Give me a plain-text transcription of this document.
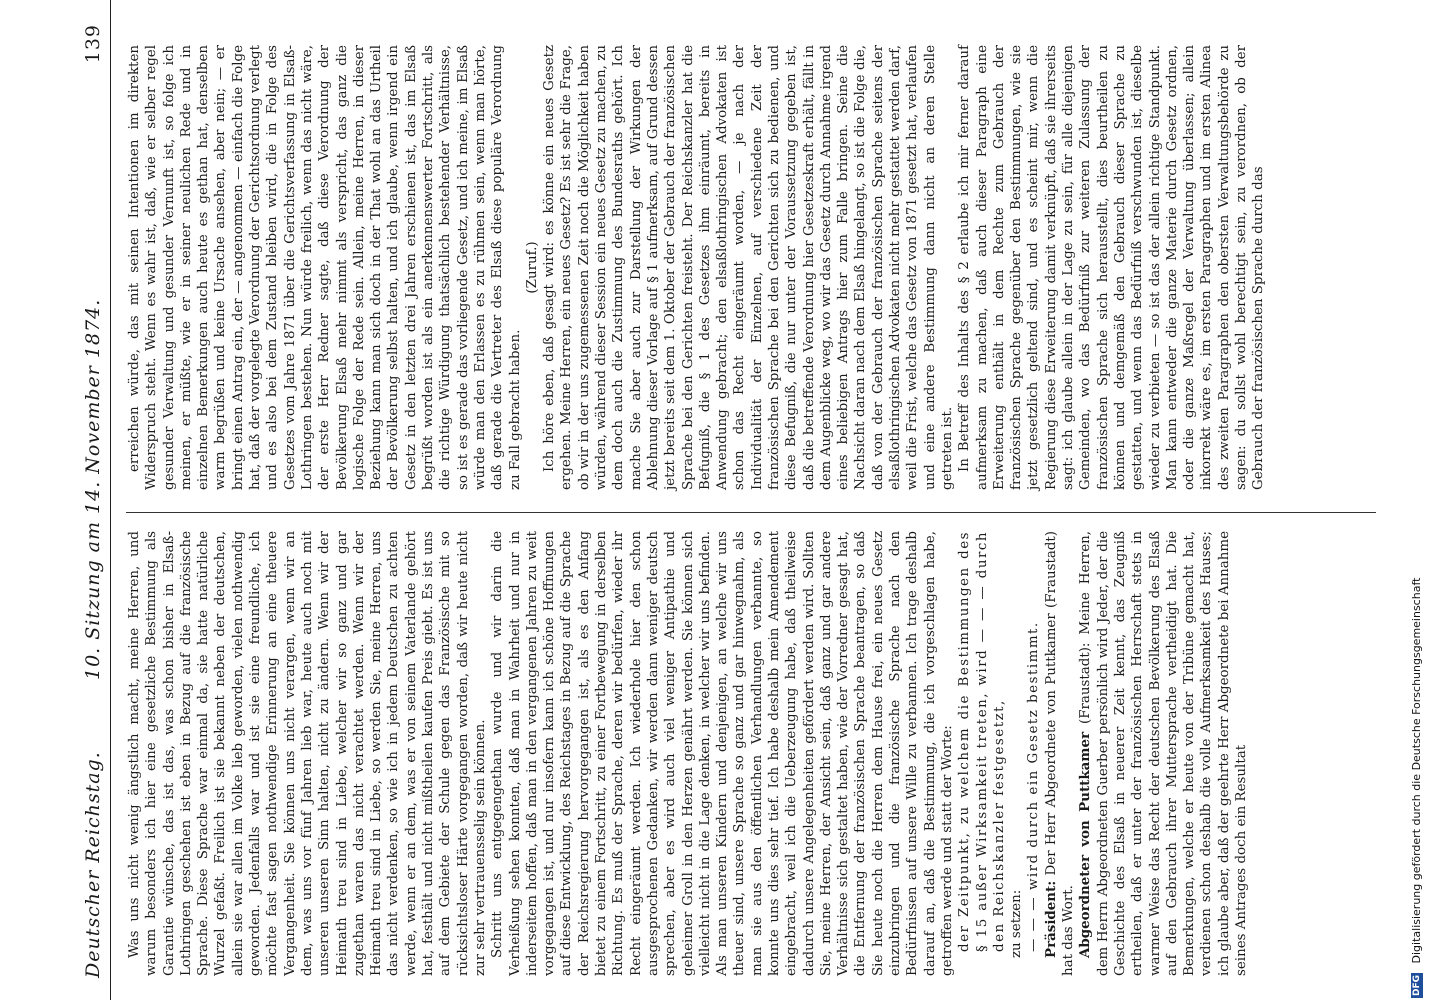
Deutscher Reichstag.
10. Sitzung am 14. November 1874.
139

Was uns nicht wenig ängstlich macht, meine Herren, und warum besonders ich hier eine gesetzliche Bestimmung als Garantie wünsche, das ist das, was schon bisher in Elsaß-Lothringen geschehen ist eben in Bezug auf die französische Sprache. Diese Sprache war einmal da, sie hatte natürliche Wurzel gefaßt. Freilich ist sie bekannt neben der deutschen, allein sie war allen im Volke lieb geworden, vielen nothwendig geworden. Jedenfalls war und ist sie eine freundliche, ich möchte fast sagen nothwendige Erinnerung an eine theuere Vergangenheit. Sie können uns nicht verargen, wenn wir an dem, was uns vor fünf Jahren lieb war, heute auch noch mit unseren unseren Sinn halten, nicht zu ändern. Wenn wir der Heimath treu sind in Liebe, welcher wir so ganz und gar zugethan waren das nicht verachtet werden. Wenn wir der Heimath treu sind in Liebe, so werden Sie, meine Herren, uns das nicht verdenken, so wie ich in jedem Deutschen zu achten werde, wenn er an dem, was er von seinem Vaterlande gehört hat, festhält und nicht mißtheilen kaufen Preis giebt. Es ist uns auf dem Gebiete der Schule gegen das Französische mit so rücksichtsloser Härte vorgegangen worden, daß wir heute nicht zur sehr vertrauensselig sein können. Schritt uns entgegengethan wurde und wir darin die Verheißung sehen konnten, daß man in Wahrheit und nur in inderseitem hoffen, daß man in den vergangenen Jahren zu weit vorgegangen ist, und nur insofern kann ich schöne Hoffnungen auf diese Entwicklung, des Reichstages in Bezug auf die Sprache der Reichsregierung hervorgegangen ist, als es den Anfang bietet zu einem Fortschritt, zu einer Fortbewegung in derselben Richtung. Es muß der Sprache, deren wir bedürfen, wieder ihr Recht eingeräumt werden. Ich wiederhole hier den schon ausgesprochenen Gedanken, wir werden dann weniger deutsch sprechen, aber es wird auch viel weniger Antipathie und geheimer Groll in den Herzen genährt werden. Sie können sich vielleicht nicht in die Lage denken, in welcher wir uns befinden. Als man unseren Kindern und denjenigen, an welche wir uns theuer sind, unsere Sprache so ganz und gar hinwegnahm, als man sie aus den öffentlichen Verhandlungen verbannte, so konnte uns dies sehr tief. Ich habe deshalb mein Amendement eingebracht, weil ich die Ueberzeugung habe, daß theilweise dadurch unsere Angelegenheiten gefördert werden wird. Sollten Sie, meine Herren, der Ansicht sein, daß ganz und gar andere Verhältnisse sich gestaltet haben, wie der Vorredner gesagt hat, die Entfernung der französischen Sprache beantragen, so daß Sie heute noch die Herren dem Hause frei, ein neues Gesetz einzubringen und die französische Sprache nach den Bedürfnissen auf unsere Wille zu verbannen. Ich trage deshalb darauf an, daß die Bestimmung, die ich vorgeschlagen habe, getroffen werde und statt der Worte: der Zeitpunkt, zu welchem die Bestimmungen des § 15 außer Wirksamkeit treten, wird — — — durch den Reichskanzler festgesetzt, zu setzen: — — — wird durch ein Gesetz bestimmt. Präsident: Der Herr Abgeordnete von Puttkamer (Fraustadt) hat das Wort. Abgeordneter von Puttkamer (Fraustadt): Meine Herren, dem Herrn Abgeordneten Guerber persönlich wird Jeder, der die Geschichte des Elsaß in neuerer Zeit kennt, das Zeugniß ertheilen, daß er unter der französischen Herrschaft stets in warmer Weise das Recht der deutschen Bevölkerung des Elsaß auf den Gebrauch ihrer Muttersprache vertheidigt hat. Die Bemerkungen, welche er heute von der Tribüne gemacht hat, verdienen schon deshalb die volle Aufmerksamkeit des Hauses; ich glaube aber, daß der geehrte Herr Abgeordnete bei Annahme seines Antrages doch ein Resultat

erreichen würde, das mit seinen Intentionen im direkten Widerspruch steht. Wenn es wahr ist, daß, wie er selber regel gesunder Verwaltung und gesunder Vernunft ist, so folge ich meinen, er müßte, wie er in seiner neulichen Rede und in einzelnen Bemerkungen auch heute es gethan hat, denselben warm begrüßen und keine Ursache ansehen, aber nein; — er bringt einen Antrag ein, der — angenommen — einfach die Folge hat, daß der vorgelegte Verordnung der Gerichtsordnung verlegt und es also bei dem Zustand bleiben wird, die in Folge des Gesetzes vom Jahre 1871 über die Gerichtsverfassung in Elsaß-Lothringen bestehen. Nun würde freilich, wenn das nicht wäre, der erste Herr Redner sagte, daß diese Verordnung der Bevölkerung Elsaß mehr nimmt als verspricht, das ganz die logische Folge der Rede sein. Allein, meine Herren, in dieser Beziehung kann man sich doch in der That wohl an das Urtheil der Bevölkerung selbst halten, und ich glaube, wenn irgend ein Gesetz in den letzten drei Jahren erschienen ist, das im Elsaß begrüßt worden ist als ein anerkennenswerter Fortschritt, als die richtige Würdigung thatsächlich bestehender Verhältnisse, so ist es gerade das vorliegende Gesetz, und ich meine, im Elsaß würde man den Erlassen es zu rühmen sein, wenn man hörte, daß gerade die Vertreter des Elsaß diese populäre Verordnung zu Fall gebracht haben.

(Zuruf.) Ich höre eben, daß gesagt wird: es könne ein neues Gesetz ergehen. Meine Herren, ein neues Gesetz? Es ist sehr die Frage, ob wir in der uns zugemessenen Zeit noch die Möglichkeit haben würden, während dieser Session ein neues Gesetz zu machen, zu dem doch auch die Zustimmung des Bundesraths gehört. Ich mache Sie aber auch zur Darstellung der Wirkungen der Ablehnung dieser Vorlage auf § 1 aufmerksam, auf Grund dessen jetzt bereits seit dem 1. Oktober der Gebrauch der französischen Sprache bei den Gerichten freisteht. Der Reichskanzler hat die Befugniß, die § 1 des Gesetzes ihm einräumt, bereits in Anwendung gebracht; den elsaßlothringischen Advokaten ist schon das Recht eingeräumt worden, — je nach der Individualität der Einzelnen, auf verschiedene Zeit der französischen Sprache bei den Gerichten sich zu bedienen, und diese Befugniß, die nur unter der Voraussetzung gegeben ist, daß die betreffende Verordnung hier Gesetzeskraft erhält, fällt in dem Augenblicke weg, wo wir das Gesetz durch Annahme irgend eines beliebigen Antrags hier zum Falle bringen. Seine die Nachsicht daran nach dem Elsaß hingelangt, so ist die Folge die, daß von der Gebrauch der französischen Sprache seitens der elsaßlothringischen Advokaten nicht mehr gestattet werden darf, weil die Frist, welche das Gesetz von 1871 gesetzt hat, verlaufen und eine andere Bestimmung dann nicht an deren Stelle getreten ist. In Betreff des Inhalts des § 2 erlaube ich mir ferner darauf aufmerksam zu machen, daß auch dieser Paragraph eine Erweiterung enthält in dem Rechte zum Gebrauch der französischen Sprache gegenüber den Bestimmungen, wie sie jetzt gesetzlich geltend sind, und es scheint mir, wenn die Regierung diese Erweiterung damit verknüpft, daß sie ihrerseits sagt: ich glaube allein in der Lage zu sein, für alle diejenigen Gemeinden, wo das Bedürfniß zur weiteren Zulassung der französischen Sprache sich herausstellt, dies beurtheilen zu können und demgemäß den Gebrauch dieser Sprache zu gestatten, und wenn das Bedürfniß verschwunden ist, dieselbe wieder zu verbieten — so ist das der allein richtige Standpunkt. Man kann entweder die ganze Materie durch Gesetz ordnen, oder die ganze Maßregel der Verwaltung überlassen; allein inkorrekt wäre es, im ersten Paragraphen und im ersten Alinea des zweiten Paragraphen den obersten Verwaltungsbehörde zu sagen: du sollst wohl berechtigt sein, zu verordnen, ob der Gebrauch der französischen Sprache durch das

DFG Digitalisierung gefördert durch die Deutsche Forschungsgemeinschaft
